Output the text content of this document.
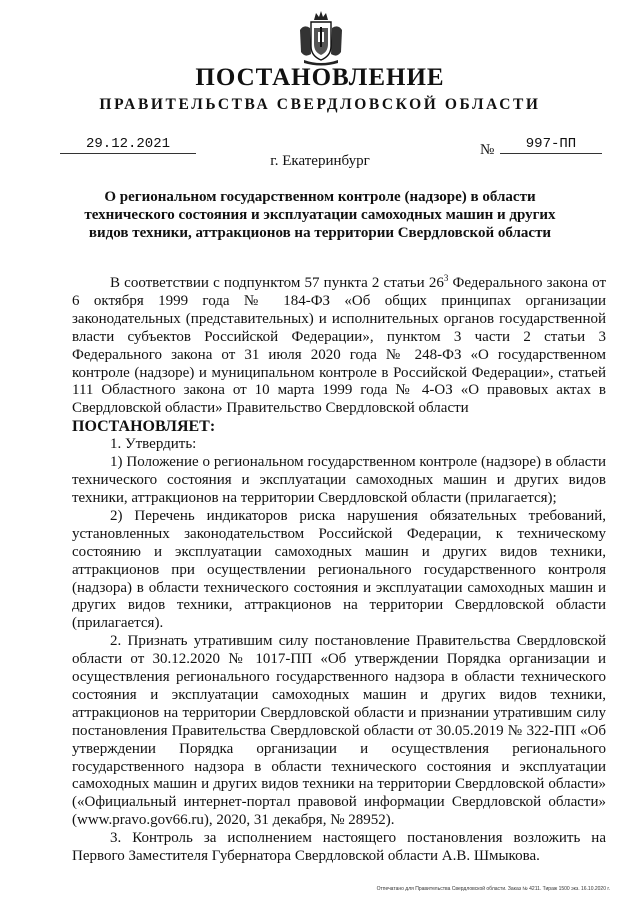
ПОСТАНОВЛЕНИЕ
ПРАВИТЕЛЬСТВА СВЕРДЛОВСКОЙ ОБЛАСТИ
29.12.2021	№	997-ПП
г. Екатеринбург
О региональном государственном контроле (надзоре) в области технического состояния и эксплуатации самоходных машин и других видов техники, аттракционов на территории Свердловской области

В соответствии с подпунктом 57 пункта 2 статьи $26^3$ Федерального закона от 6 октября 1999 года № 184-ФЗ «Об общих принципах организации законодательных (представительных) и исполнительных органов государственной власти субъектов Российской Федерации», пунктом 3 части 2 статьи 3 Федерального закона от 31 июля 2020 года № 248-ФЗ «О государственном контроле (надзоре) и муниципальном контроле в Российской Федерации», статьей 111 Областного закона от 10 марта 1999 года № 4-ОЗ «О правовых актах в Свердловской области» Правительство Свердловской области

ПОСТАНОВЛЯЕТ:

1. Утвердить:

1) Положение о региональном государственном контроле (надзоре) в области технического состояния и эксплуатации самоходных машин и других видов техники, аттракционов на территории Свердловской области (прилагается);

2) Перечень индикаторов риска нарушения обязательных требований, установленных законодательством Российской Федерации, к техническому состоянию и эксплуатации самоходных машин и других видов техники, аттракционов при осуществлении регионального государственного контроля (надзора) в области технического состояния и эксплуатации самоходных машин и других видов техники, аттракционов на территории Свердловской области (прилагается).

2. Признать утратившим силу постановление Правительства Свердловской области от 30.12.2020 № 1017-ПП «Об утверждении Порядка организации и осуществления регионального государственного надзора в области технического состояния и эксплуатации самоходных машин и других видов техники, аттракционов на территории Свердловской области и признании утратившим силу постановления Правительства Свердловской области от 30.05.2019 № 322-ПП «Об утверждении Порядка организации и осуществления регионального государственного надзора в области технического состояния и эксплуатации самоходных машин и других видов техники на территории Свердловской области» («Официальный интернет-портал правовой информации Свердловской области» (www.pravo.gov66.ru), 2020, 31 декабря, № 28952).

3. Контроль за исполнением настоящего постановления возложить на Первого Заместителя Губернатора Свердловской области А.В. Шмыкова.

Отпечатано для Правительства Свердловской области. Заказ № 4211. Тираж 1500 экз. 16.10.2020 г.
